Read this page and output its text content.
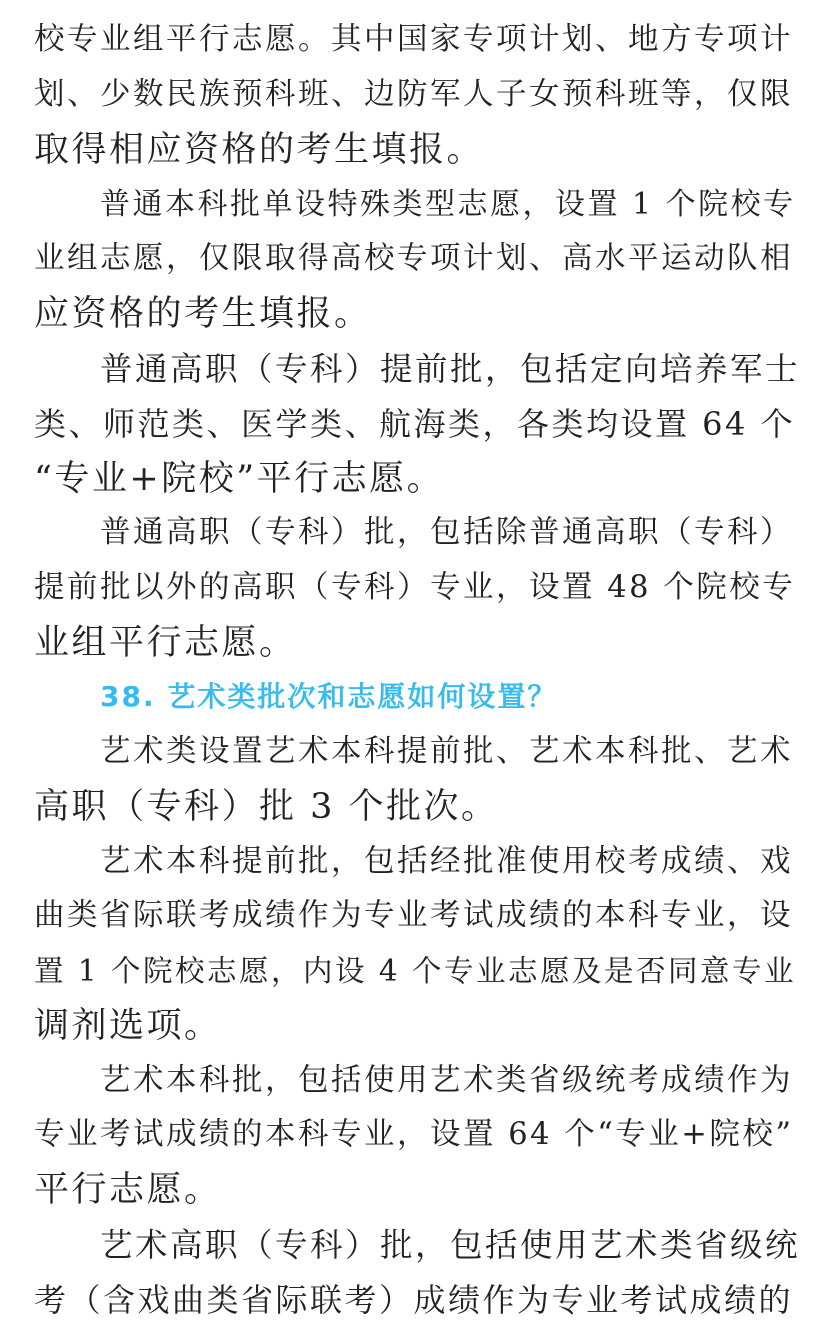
校专业组平行志愿。其中国家专项计划、地方专项计
划、少数民族预科班、边防军人子女预科班等，仅限
取得相应资格的考生填报。
普通本科批单设特殊类型志愿，设置 1 个院校专
业组志愿，仅限取得高校专项计划、高水平运动队相
应资格的考生填报。
普通高职（专科）提前批，包括定向培养军士
类、师范类、医学类、航海类，各类均设置 64 个
“专业+院校”平行志愿。
普通高职（专科）批，包括除普通高职（专科）
提前批以外的高职（专科）专业，设置 48 个院校专
业组平行志愿。
38. 艺术类批次和志愿如何设置？
艺术类设置艺术本科提前批、艺术本科批、艺术
高职（专科）批 3 个批次。
艺术本科提前批，包括经批准使用校考成绩、戏
曲类省际联考成绩作为专业考试成绩的本科专业，设
置 1 个院校志愿，内设 4 个专业志愿及是否同意专业
调剂选项。
艺术本科批，包括使用艺术类省级统考成绩作为
专业考试成绩的本科专业，设置 64 个“专业+院校”
平行志愿。
艺术高职（专科）批，包括使用艺术类省级统
考（含戏曲类省际联考）成绩作为专业考试成绩的
